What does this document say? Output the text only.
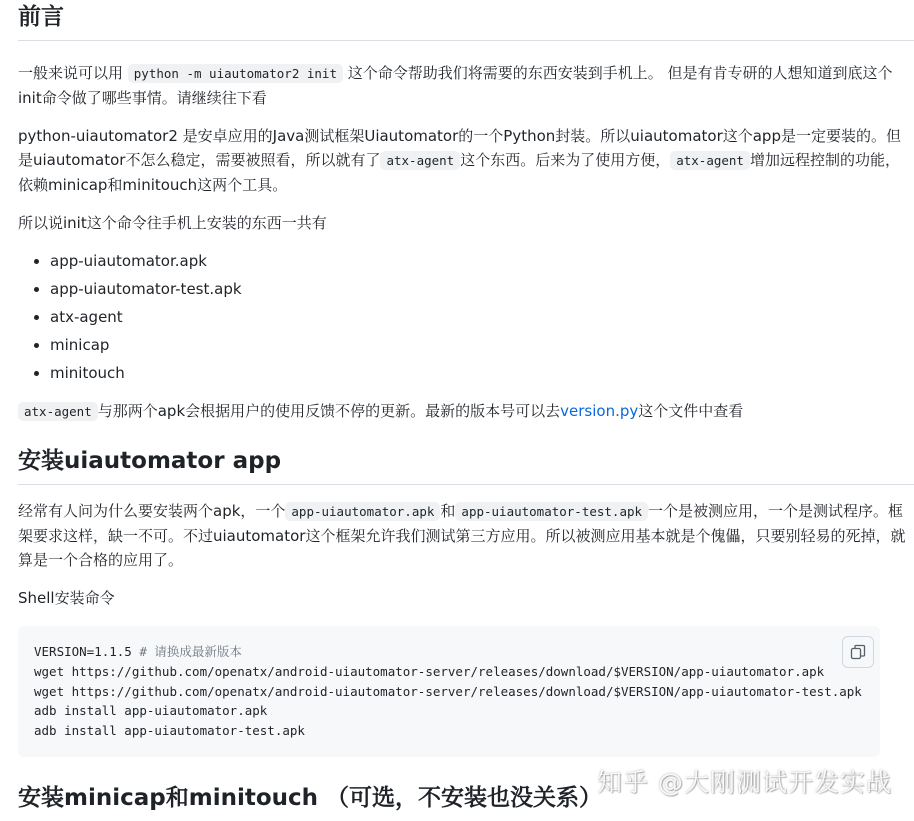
前言

一般来说可以用 python -m uiautomator2 init 这个命令帮助我们将需要的东西安装到手机上。 但是有肯专研的人想知道到底这个init命令做了哪些事情。请继续往下看

python-uiautomator2 是安卓应用的Java测试框架Uiautomator的一个Python封装。所以uiautomator这个app是一定要装的。但是uiautomator不怎么稳定，需要被照看，所以就有了 atx-agent 这个东西。后来为了使用方便， atx-agent 增加远程控制的功能，依赖minicap和minitouch这两个工具。

所以说init这个命令往手机上安装的东西一共有

• app-uiautomator.apk
• app-uiautomator-test.apk
• atx-agent
• minicap
• minitouch

atx-agent 与那两个apk会根据用户的使用反馈不停的更新。最新的版本号可以去version.py这个文件中查看

安装uiautomator app

经常有人问为什么要安装两个apk，一个 app-uiautomator.apk 和 app-uiautomator-test.apk 一个是被测应用，一个是测试程序。框架要求这样，缺一不可。不过uiautomator这个框架允许我们测试第三方应用。所以被测应用基本就是个傀儡，只要别轻易的死掉，就算是一个合格的应用了。

Shell安装命令

VERSION=1.1.5 # 请换成最新版本
wget https://github.com/openatx/android-uiautomator-server/releases/download/$VERSION/app-uiautomator.apk
wget https://github.com/openatx/android-uiautomator-server/releases/download/$VERSION/app-uiautomator-test.apk
adb install app-uiautomator.apk
adb install app-uiautomator-test.apk
安装minicap和minitouch （可选，不安装也没关系）
知乎 @大刚测试开发实战
